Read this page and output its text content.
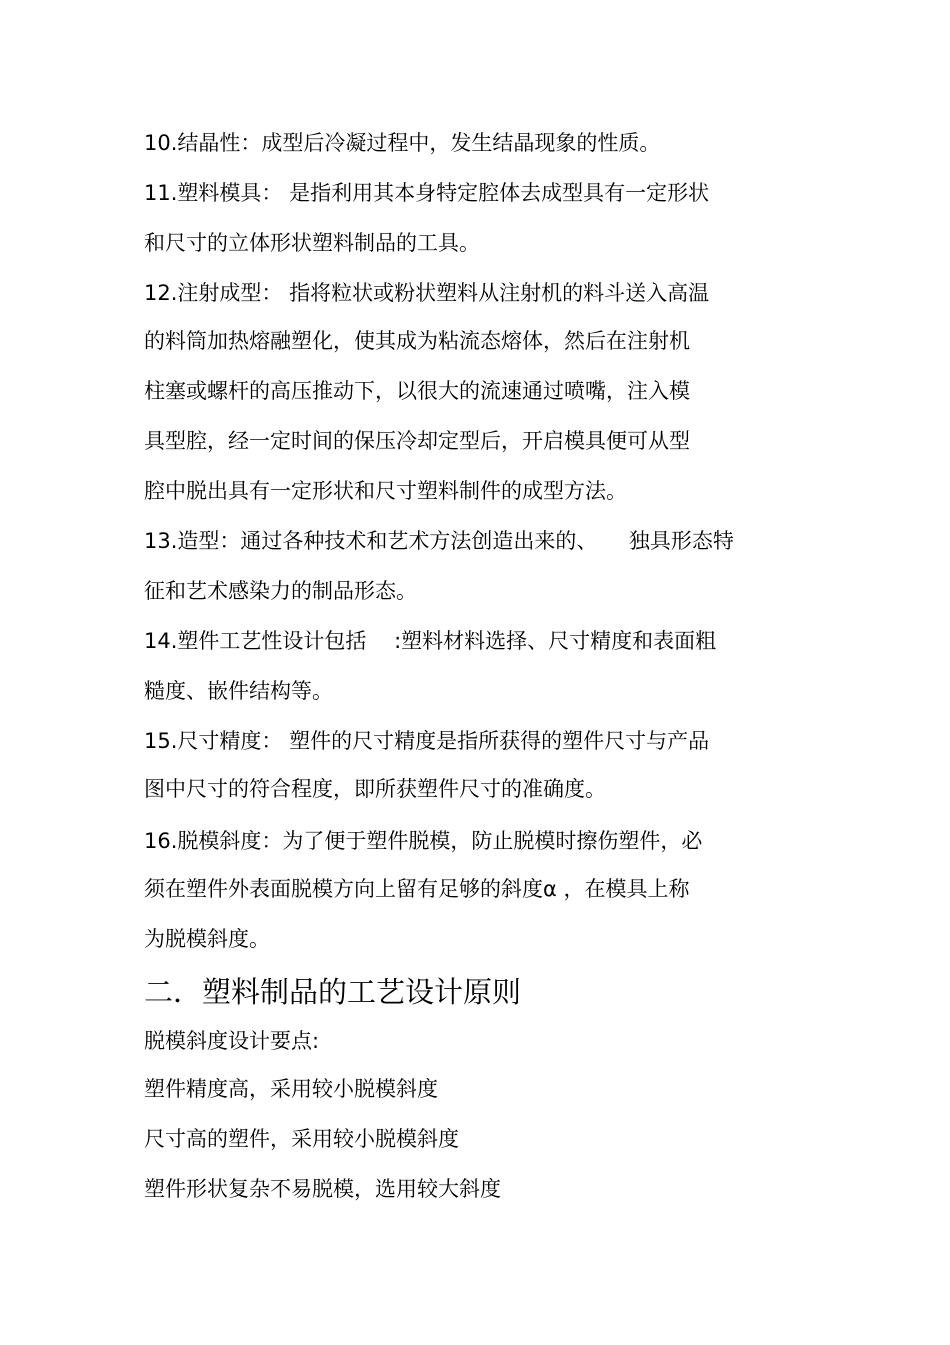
10.结晶性：成型后冷凝过程中，发生结晶现象的性质。
11.塑料模具： 是指利用其本身特定腔体去成型具有一定形状
和尺寸的立体形状塑料制品的工具。
12.注射成型： 指将粒状或粉状塑料从注射机的料斗送入高温
的料筒加热熔融塑化，使其成为粘流态熔体，然后在注射机
柱塞或螺杆的高压推动下，以很大的流速通过喷嘴，注入模
具型腔，经一定时间的保压冷却定型后，开启模具便可从型
腔中脱出具有一定形状和尺寸塑料制件的成型方法。
13.造型：通过各种技术和艺术方法创造出来的、　　独具形态特
征和艺术感染力的制品形态。
14.塑件工艺性设计包括　 :塑料材料选择、尺寸精度和表面粗
糙度、嵌件结构等。
15.尺寸精度： 塑件的尺寸精度是指所获得的塑件尺寸与产品
图中尺寸的符合程度，即所获塑件尺寸的准确度。
16.脱模斜度：为了便于塑件脱模，防止脱模时擦伤塑件，必
须在塑件外表面脱模方向上留有足够的斜度α ，在模具上称
为脱模斜度。
二．塑料制品的工艺设计原则
脱模斜度设计要点:
塑件精度高，采用较小脱模斜度
尺寸高的塑件，采用较小脱模斜度
塑件形状复杂不易脱模，选用较大斜度
